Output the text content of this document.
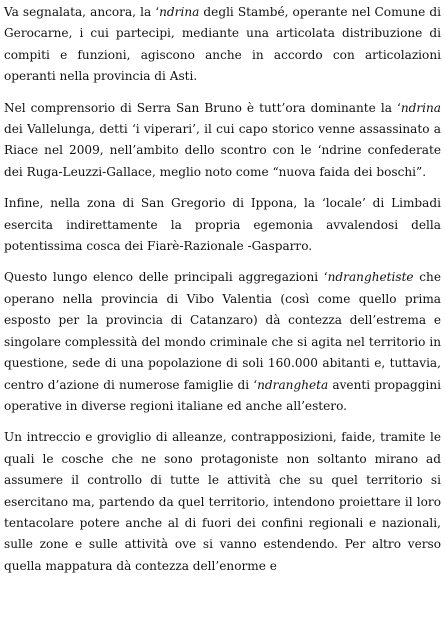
Va segnalata, ancora, la ‘ndrina degli Stambé, operante nel Comune di Gerocarne, i cui partecipi, mediante una articolata distribuzione di compiti e funzioni, agiscono anche in accordo con articolazioni operanti nella provincia di Asti.

Nel comprensorio di Serra San Bruno è tutt’ora dominante la ‘ndrina dei Vallelunga, detti ‘i viperari’, il cui capo storico venne assassinato a Riace nel 2009, nell’ambito dello scontro con le ‘ndrine confederate dei Ruga-Leuzzi-Gallace, meglio noto come “nuova faida dei boschi”.

Infine, nella zona di San Gregorio di Ippona, la ‘locale’ di Limbadi esercita indirettamente la propria egemonia avvalendosi della potentissima cosca dei Fiarè-Razionale -Gasparro.

Questo lungo elenco delle principali aggregazioni ‘ndranghetiste che operano nella provincia di Vibo Valentia (così come quello prima esposto per la provincia di Catanzaro) dà contezza dell’estrema e singolare complessità del mondo criminale che si agita nel territorio in questione, sede di una popolazione di soli 160.000 abitanti e, tuttavia, centro d’azione di numerose famiglie di ‘ndrangheta aventi propaggini operative in diverse regioni italiane ed anche all’estero.

Un intreccio e groviglio di alleanze, contrapposizioni, faide, tramite le quali le cosche che ne sono protagoniste non soltanto mirano ad assumere il controllo di tutte le attività che su quel territorio si esercitano ma, partendo da quel territorio, intendono proiettare il loro tentacolare potere anche al di fuori dei confini regionali e nazionali, sulle zone e sulle attività ove si vanno estendendo. Per altro verso quella mappatura dà contezza dell’enorme e
